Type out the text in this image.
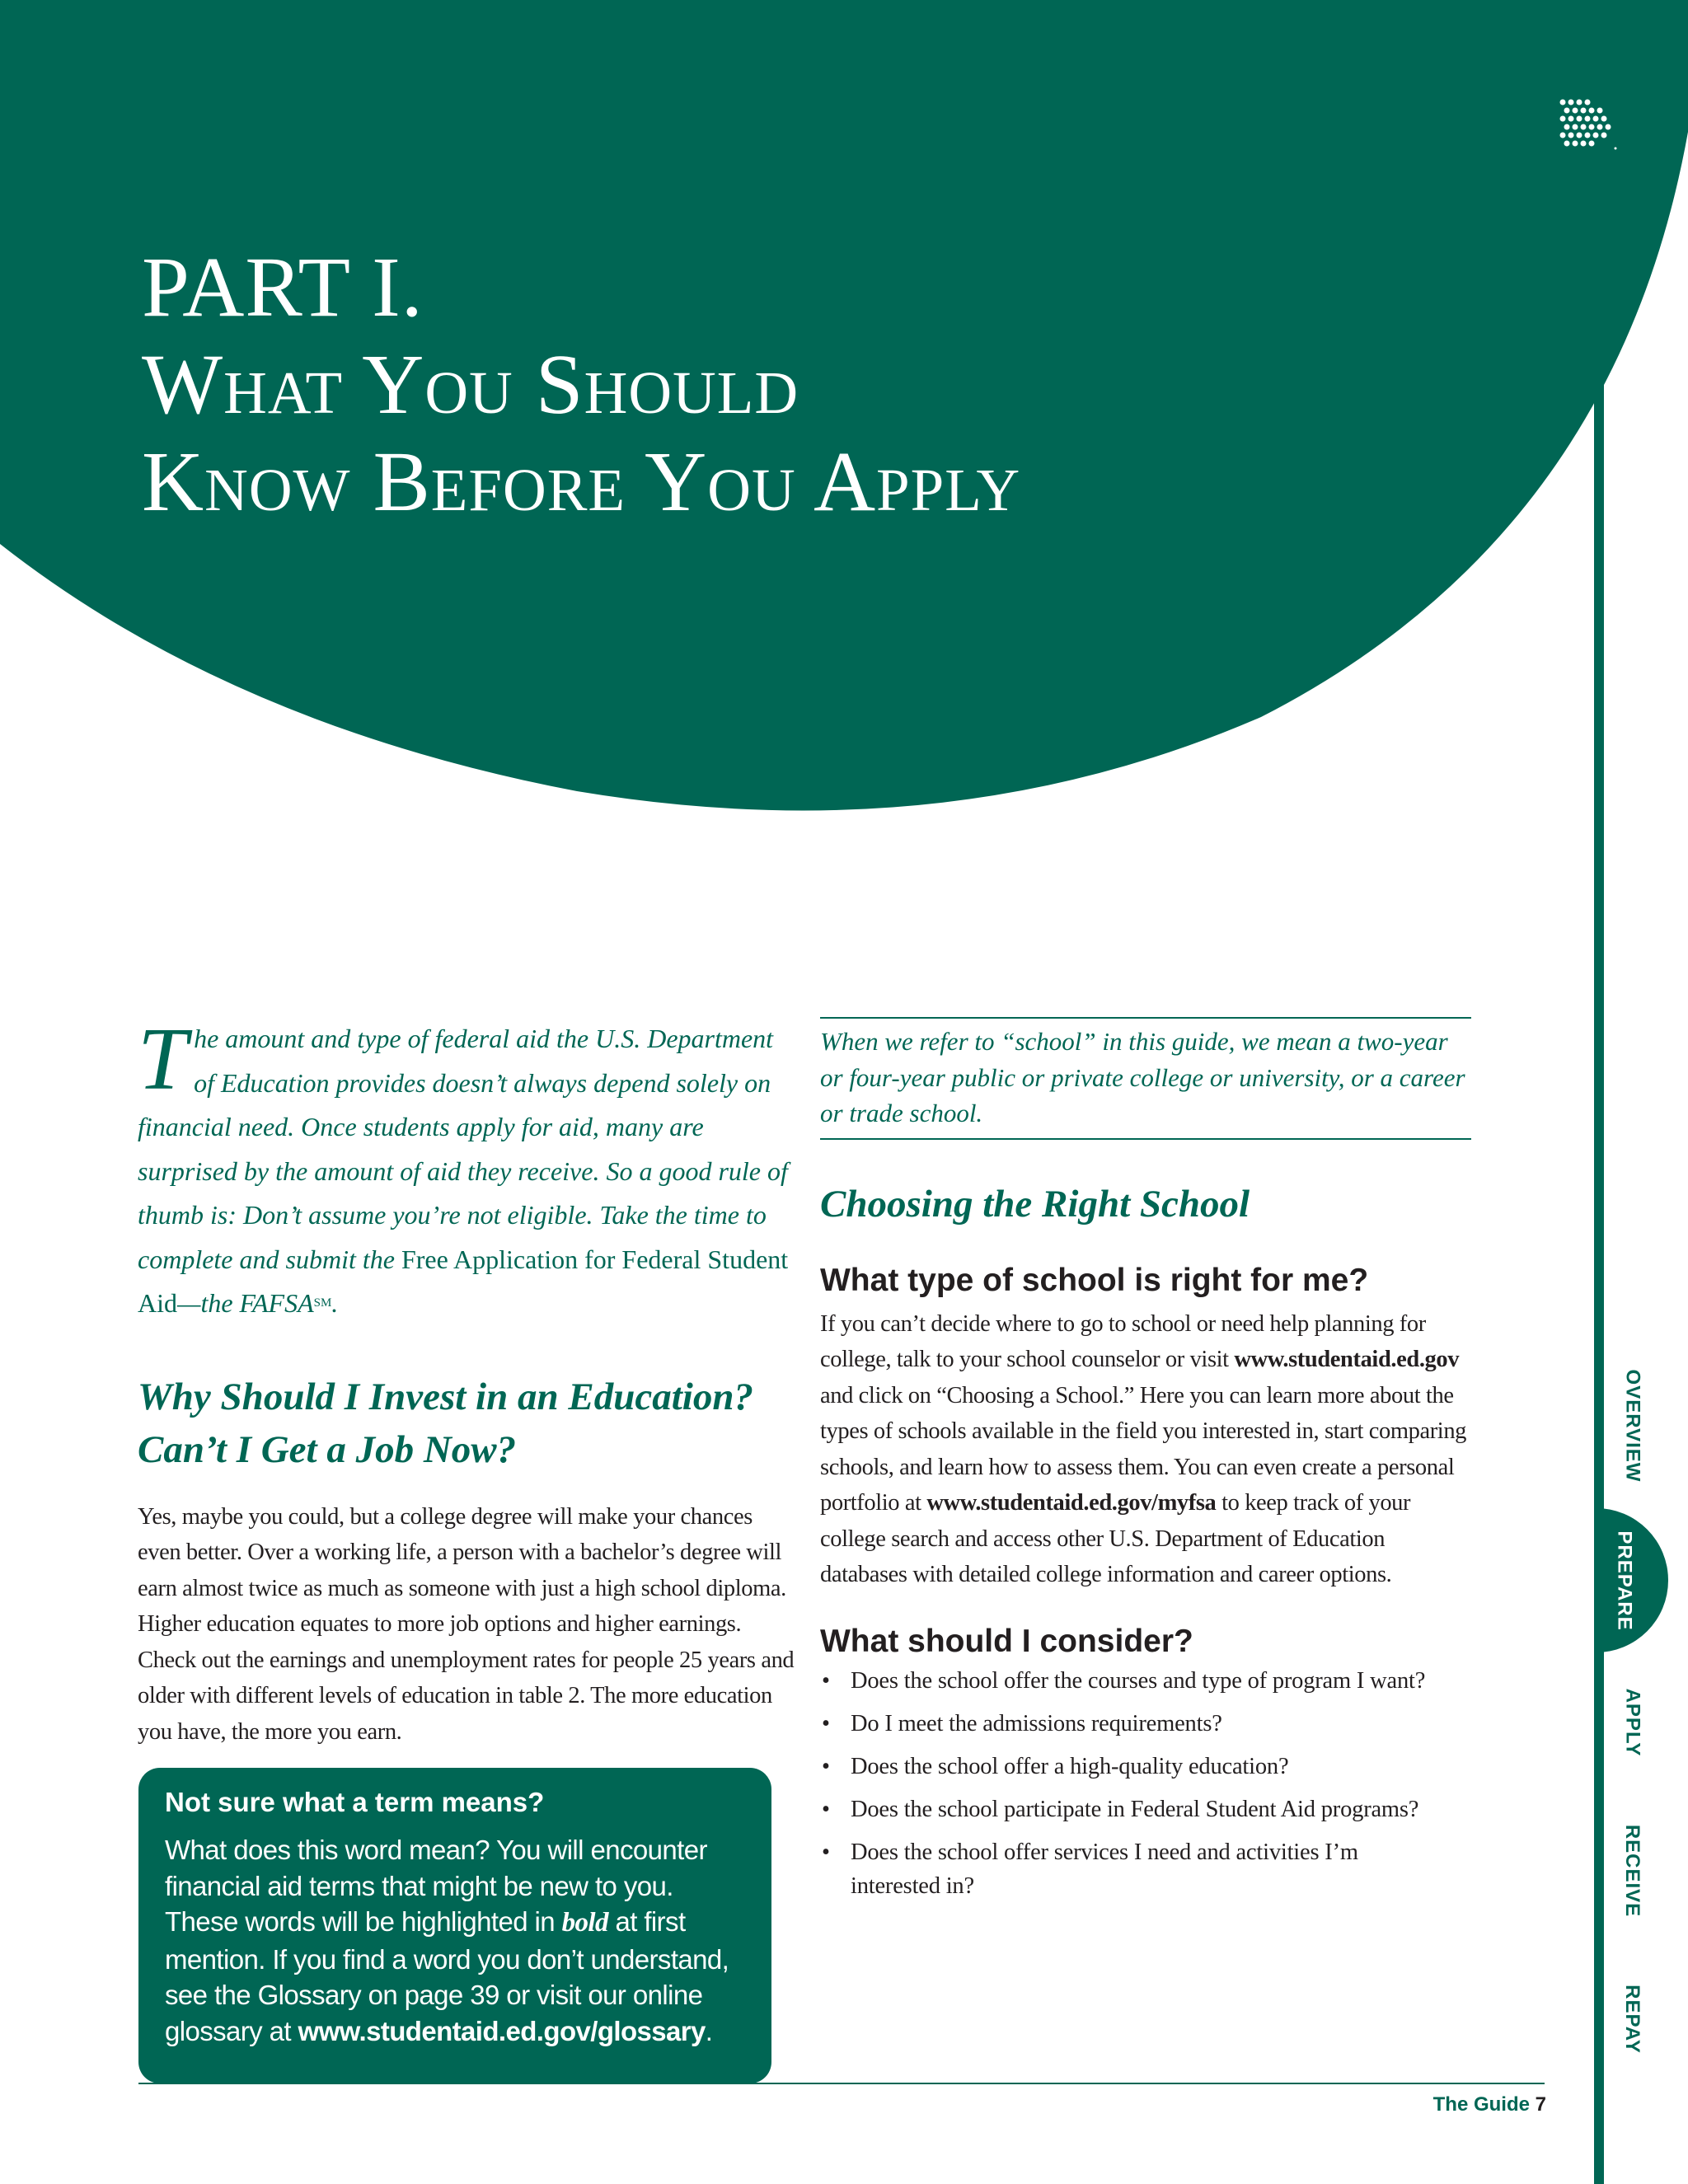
PART I.
What You Should
Know Before You Apply
OVERVIEW
PREPARE
APPLY
RECEIVE
REPAY

The amount and type of federal aid the U.S. Department of Education provides doesn’t always depend solely on financial need. Once students apply for aid, many are surprised by the amount of aid they receive. So a good rule of thumb is: Don’t assume you’re not eligible. Take the time to complete and submit the Free Application for Federal Student Aid—the FAFSA℠.

Why Should I Invest in an Education? Can’t I Get a Job Now?

Yes, maybe you could, but a college degree will make your chances even better. Over a working life, a person with a bachelor’s degree will earn almost twice as much as someone with just a high school diploma. Higher education equates to more job options and higher earnings. Check out the earnings and unemployment rates for people 25 years and older with different levels of education in table 2. The more education you have, the more you earn.

Not sure what a term means?

What does this word mean? You will encounter financial aid terms that might be new to you. These words will be highlighted in bold at first mention. If you find a word you don’t understand, see the Glossary on page 39 or visit our online glossary at www.studentaid.ed.gov/glossary.

When we refer to “school” in this guide, we mean a two-year or four-year public or private college or university, or a career or trade school.

Choosing the Right School
What type of school is right for me?

If you can’t decide where to go to school or need help planning for college, talk to your school counselor or visit www.studentaid.ed.gov and click on “Choosing a School.” Here you can learn more about the types of schools available in the field you interested in, start comparing schools, and learn how to assess them. You can even create a personal portfolio at www.studentaid.ed.gov/myfsa to keep track of your college search and access other U.S. Department of Education databases with detailed college information and career options.

What should I consider?
• Does the school offer the courses and type of program I want?
• Do I meet the admissions requirements?
• Does the school offer a high-quality education?
• Does the school participate in Federal Student Aid programs?
• Does the school offer services I need and activities I’m interested in?
The Guide 7
